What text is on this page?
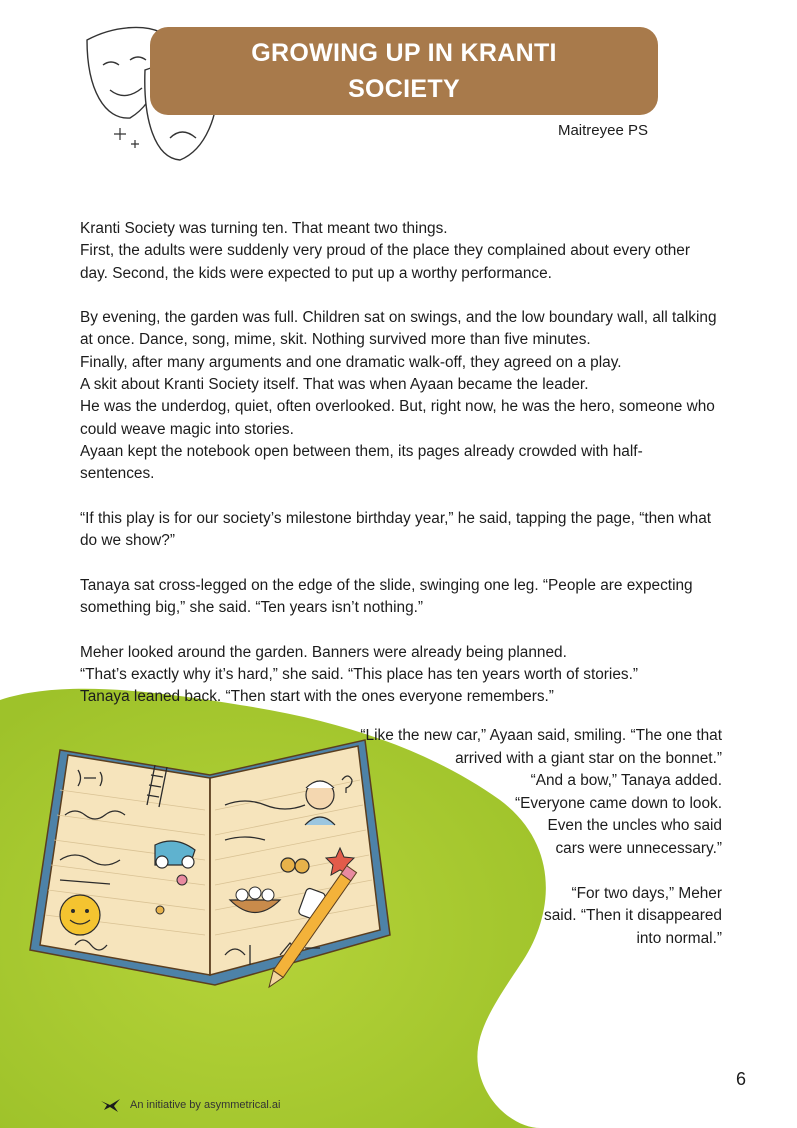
GROWING UP IN KRANTI SOCIETY
Maitreyee PS

Kranti Society was turning ten. That meant two things.
First, the adults were suddenly very proud of the place they complained about every other
day. Second, the kids were expected to put up a worthy performance.

By evening, the garden was full. Children sat on swings, and the low boundary wall, all talking
at once. Dance, song, mime, skit. Nothing survived more than five minutes.
Finally, after many arguments and one dramatic walk-off, they agreed on a play.
A skit about Kranti Society itself. That was when Ayaan became the leader.
He was the underdog, quiet, often overlooked. But, right now, he was the hero, someone who
could weave magic into stories.
Ayaan kept the notebook open between them, its pages already crowded with half-
sentences.

“If this play is for our society’s milestone birthday year,” he said, tapping the page, “then what
do we show?”

Tanaya sat cross-legged on the edge of the slide, swinging one leg. “People are expecting
something big,” she said. “Ten years isn’t nothing.”

Meher looked around the garden. Banners were already being planned.
“That’s exactly why it’s hard,” she said. “This place has ten years worth of stories.”
Tanaya leaned back. “Then start with the ones everyone remembers.”

“Like the new car,” Ayaan said, smiling. “The one that
arrived with a giant star on the bonnet.”
“And a bow,” Tanaya added.
“Everyone came down to look.
Even the uncles who said
cars were unnecessary.”

“For two days,” Meher
said. “Then it disappeared
into normal.”
6
An initiative by asymmetrical.ai
